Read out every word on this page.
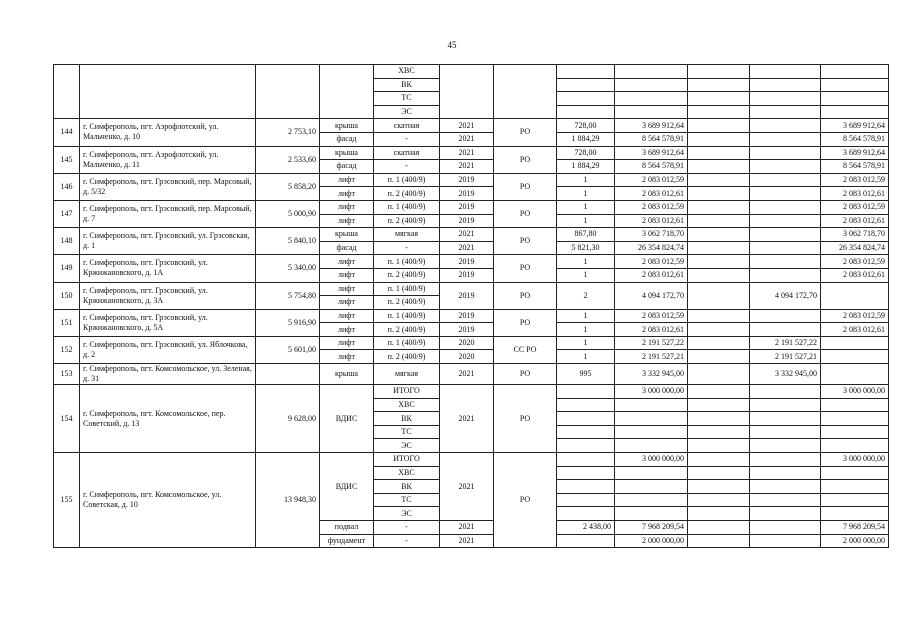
45
				ХВС							
				ВК							
				ТС							
				ЭС							
144	г. Симферополь, пгт. Аэрофлотский, ул. Мальченко, д. 10	2 753,10	крыша	скатная	2021	РО	728,00	3 689 912,64			3 689 912,64
			фасад	-	2021		1 884,29	8 564 578,91			8 564 578,91
145	г. Симферополь, пгт. Аэрофлотский, ул. Мальченко, д. 11	2 533,60	крыша	скатная	2021	РО	728,00	3 689 912,64			3 689 912,64
			фасад	-	2021		1 884,29	8 564 578,91			8 564 578,91
146	г. Симферополь, пгт. Грэсовский, пер. Марсовый, д. 5/32	5 858,20	лифт	п. 1 (400/9)	2019	РО	1	2 083 012,59			2 083 012,59
			лифт	п. 2 (400/9)	2019		1	2 083 012,61			2 083 012,61
147	г. Симферополь, пгт. Грэсовский, пер. Марсовый, д. 7	5 000,90	лифт	п. 1 (400/9)	2019	РО	1	2 083 012,59			2 083 012,59
			лифт	п. 2 (400/9)	2019		1	2 083 012,61			2 083 012,61
148	г. Симферополь, пгт. Грэсовский, ул. Грэсовская, д. 1	5 840,10	крыша	мягкая	2021	РО	867,80	3 062 718,70			3 062 718,70
			фасад	-	2021		5 821,30	26 354 824,74			26 354 824,74
149	г. Симферополь, пгт. Грэсовский, ул. Кржижановского, д. 1А	5 340,00	лифт	п. 1 (400/9)	2019	РО	1	2 083 012,59			2 083 012,59
			лифт	п. 2 (400/9)	2019		1	2 083 012,61			2 083 012,61
150	г. Симферополь, пгт. Грэсовский, ул. Кржижановского, д. 3А	5 754,80	лифт	п. 1 (400/9)	2019	РО	2	4 094 172,70		4 094 172,70	
			лифт	п. 2 (400/9)							
151	г. Симферополь, пгт. Грэсовский, ул. Кржижановского, д. 5А	5 916,90	лифт	п. 1 (400/9)	2019	РО	1	2 083 012,59			2 083 012,59
			лифт	п. 2 (400/9)	2019		1	2 083 012,61			2 083 012,61
152	г. Симферополь, пгт. Грэсовский, ул. Яблочкова, д. 2	5 601,00	лифт	п. 1 (400/9)	2020	СС РО	1	2 191 527,22		2 191 527,22	
			лифт	п. 2 (400/9)	2020		1	2 191 527,21		2 191 527,21	
153	г. Симферополь, пгт. Комсомольское, ул. Зеленая, д. 31		крыша	мягкая	2021	РО	995	3 332 945,00		3 332 945,00	
154	г. Симферополь, пгт. Комсомольское, пер. Советский, д. 13	9 628,00	ВДИС	ИТОГО	2021	РО		3 000 000,00			3 000 000,00
				ХВС							
				ВК							
				ТС							
				ЭС							
155	г. Симферополь, пгт. Комсомольское, ул. Советская, д. 10	13 948,30	ВДИС	ИТОГО	2021	РО		3 000 000,00			3 000 000,00
				ХВС							
				ВК							
				ТС							
				ЭС							
			подвал	-	2021		2 438,00	7 968 209,54			7 968 209,54
			фундамент	-	2021			2 000 000,00			2 000 000,00
